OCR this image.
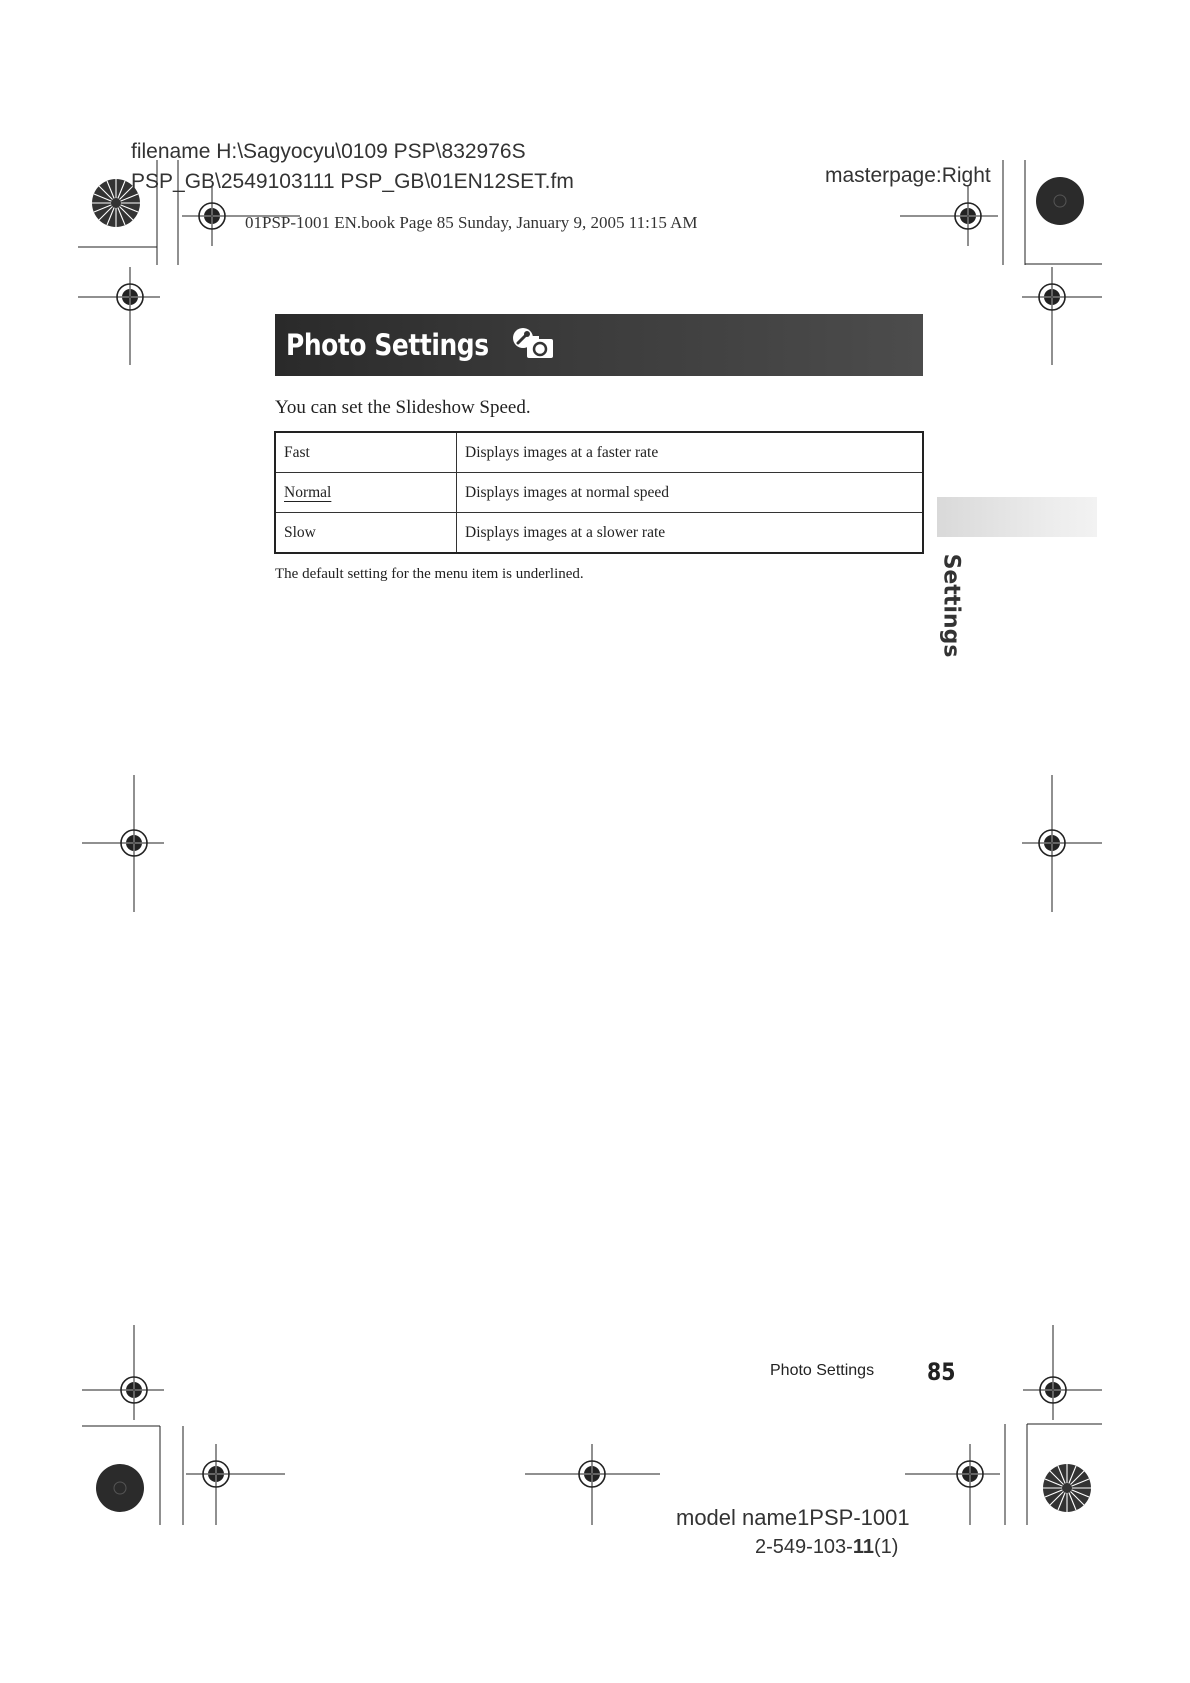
filename H:\Sagyocyu\0109 PSP\832976S
PSP_GB\2549103111 PSP_GB\01EN12SET.fm	masterpage:Right
01PSP-1001 EN.book Page 85 Sunday, January 9, 2005 11:15 AM
Photo Settings
You can set the Slideshow Speed.
Fast	Displays images at a faster rate
Normal	Displays images at normal speed
Slow	Displays images at a slower rate
The default setting for the menu item is underlined.	Settings
Photo Settings 85
model name1PSP-1001
2-549-103-11(1)
